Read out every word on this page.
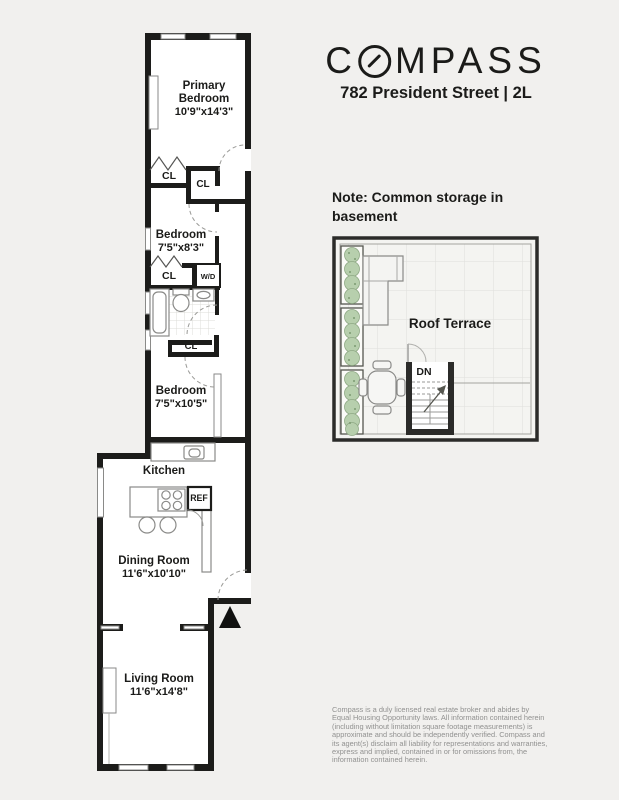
C MPASS
782 President Street | 2L
Note: Common storage in basement
Primary Bedroom
10'9"x14'3"
Bedroom
7'5"x8'3"
Bedroom
7'5"x10'5"
Kitchen
Dining Room
11'6"x10'10"
Living Room
11'6"x14'8"
CL
CL
CL	W/D
CL
REF
DN
Roof Terrace
Compass is a duly licensed real estate broker and abides by Equal Housing Opportunity laws. All information contained herein (including without limitation square footage measurements) is approximate and should be independently verified. Compass and its agent(s) disclaim all liability for representations and warranties, express and implied, contained in or for omissions from, the information contained herein.
